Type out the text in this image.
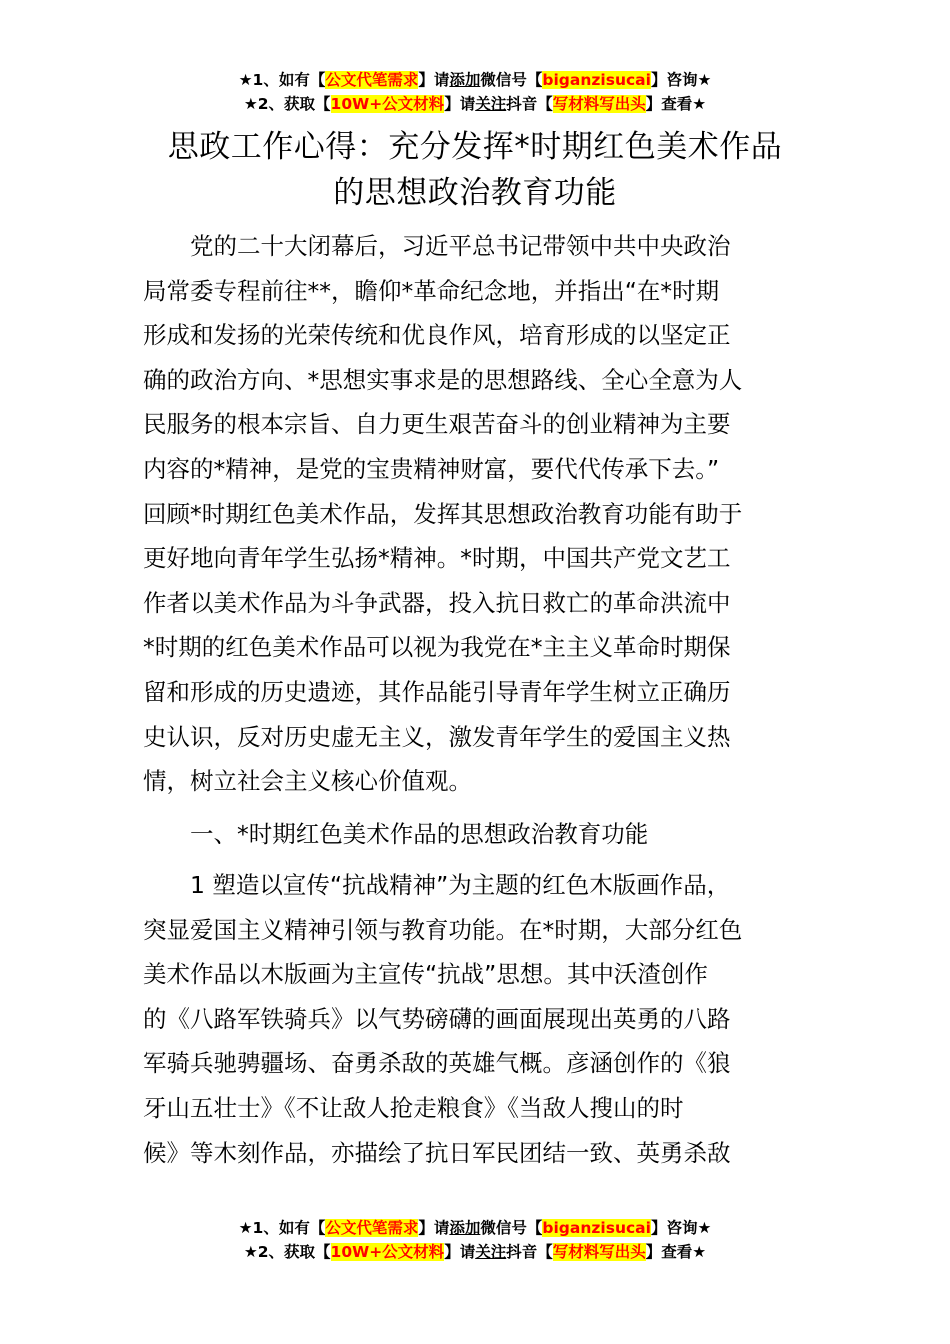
★1、如有【公文代笔需求】请添加微信号【biganzisucai】咨询★
★2、获取【10W+公文材料】请关注抖音【写材料写出头】查看★
思政工作心得：充分发挥*时期红色美术作品
的思想政治教育功能
　　党的二十大闭幕后，习近平总书记带领中共中央政治
局常委专程前往**，瞻仰*革命纪念地，并指出“在*时期
形成和发扬的光荣传统和优良作风，培育形成的以坚定正
确的政治方向、*思想实事求是的思想路线、全心全意为人
民服务的根本宗旨、自力更生艰苦奋斗的创业精神为主要
内容的*精神，是党的宝贵精神财富，要代代传承下去。”
回顾*时期红色美术作品，发挥其思想政治教育功能有助于
更好地向青年学生弘扬*精神。*时期，中国共产党文艺工
作者以美术作品为斗争武器，投入抗日救亡的革命洪流中
*时期的红色美术作品可以视为我党在*主主义革命时期保
留和形成的历史遗迹，其作品能引导青年学生树立正确历
史认识，反对历史虚无主义，激发青年学生的爱国主义热
情，树立社会主义核心价值观。
　　一、*时期红色美术作品的思想政治教育功能
　　1 塑造以宣传“抗战精神”为主题的红色木版画作品，
突显爱国主义精神引领与教育功能。在*时期，大部分红色
美术作品以木版画为主宣传“抗战”思想。其中沃渣创作
的《八路军铁骑兵》以气势磅礴的画面展现出英勇的八路
军骑兵驰骋疆场、奋勇杀敌的英雄气概。彦涵创作的《狼
牙山五壮士》《不让敌人抢走粮食》《当敌人搜山的时
候》等木刻作品，亦描绘了抗日军民团结一致、英勇杀敌
★1、如有【公文代笔需求】请添加微信号【biganzisucai】咨询★
★2、获取【10W+公文材料】请关注抖音【写材料写出头】查看★
